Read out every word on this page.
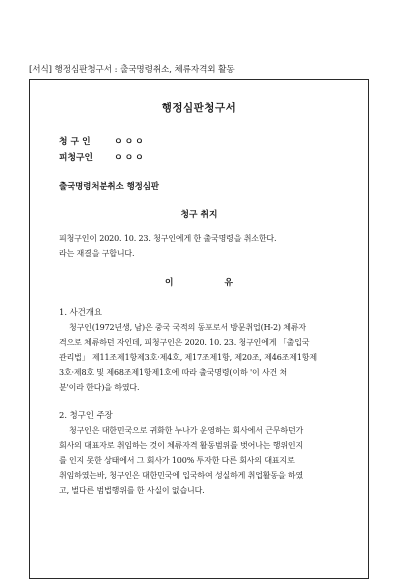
[서식] 행정심판청구서 : 출국명령취소, 체류자격외 활동
행정심판청구서
청 구 인	ㅇㅇㅇ
피청구인 ㅇㅇㅇ
출국명령처분취소 행정심판
청구 취지
피청구인이 2020. 10. 23. 청구인에게 한 출국명령을 취소한다.
라는 재결을 구합니다.
이 유
1. 사건개요
청구인(1972년생, 남)은 중국 국적의 동포로서 방문취업(H-2) 체류자
격으로 체류하던 자인데, 피청구인은 2020. 10. 23. 청구인에게 「출입국
관리법」 제11조제1항제3호·제4호, 제17조제1항, 제20조, 제46조제1항제
3호·제8호 및 제68조제1항제1호에 따라 출국명령(이하 '이 사건 처
분'이라 한다)을 하였다.
2. 청구인 주장
청구인은 대한민국으로 귀화한 누나가 운영하는 회사에서 근무하던가
회사의 대표자로 취임하는 것이 체류자격 활동범위를 벗어나는 행위인지
를 인지 못한 상태에서 그 회사가 100% 투자한 다른 회사의 대표지로
취임하였는바, 청구인은 대한민국에 입국하여 성실하게 취업활동을 하였
고, 벌다른 범법행위를 한 사실이 없습니다.
